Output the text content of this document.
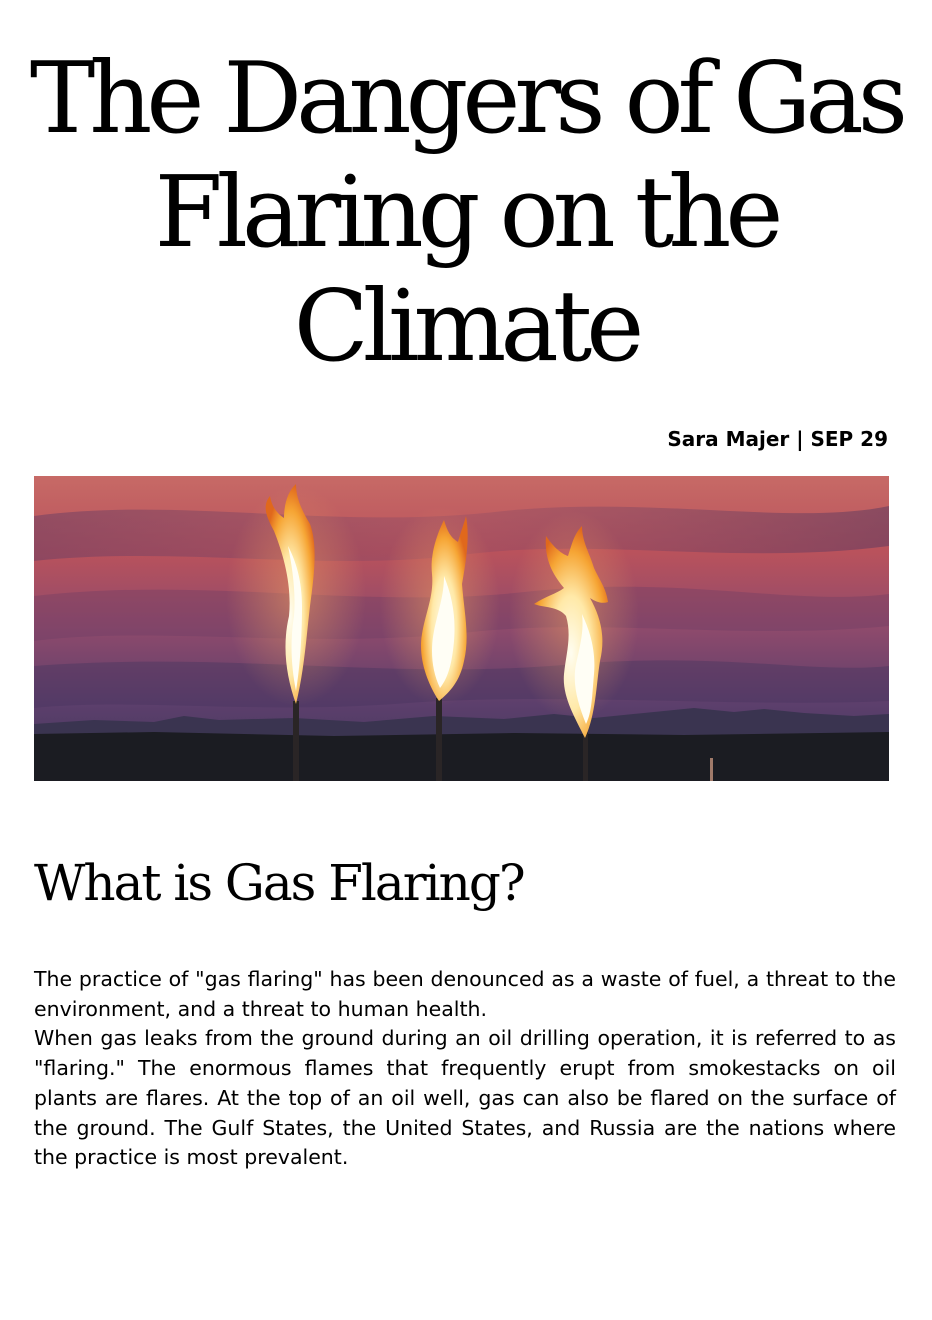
The Dangers of Gas Flaring on the Climate

Sara Majer | SEP 29

What is Gas Flaring?

The practice of "gas flaring" has been denounced as a waste of fuel, a threat to the environment, and a threat to human health.

When gas leaks from the ground during an oil drilling operation, it is referred to as "flaring." The enormous flames that frequently erupt from smokestacks on oil plants are flares. At the top of an oil well, gas can also be flared on the surface of the ground. The Gulf States, the United States, and Russia are the nations where the practice is most prevalent.
